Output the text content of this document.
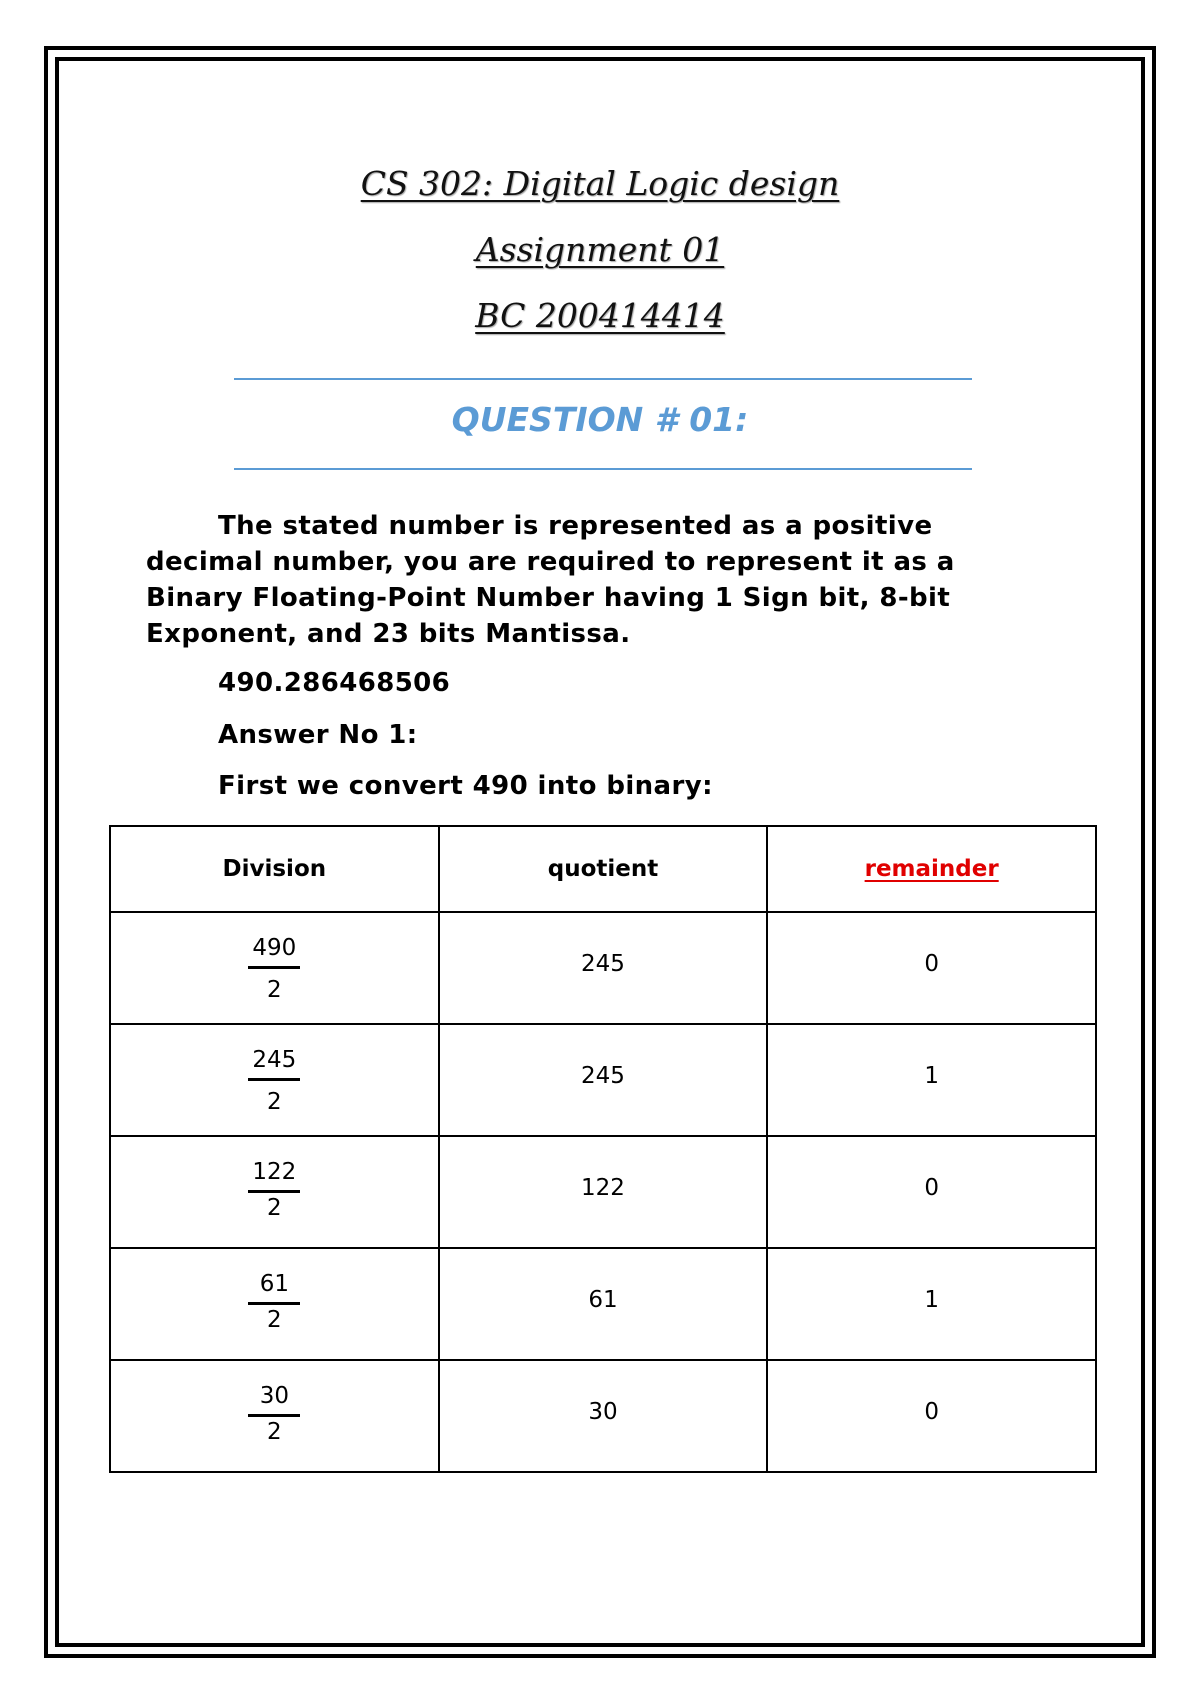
CS 302: Digital Logic design
Assignment 01
BC 200414414
QUESTION # 01:
The stated number is represented as a positive decimal number, you are required to represent it as a Binary Floating-Point Number having 1 Sign bit, 8-bit Exponent, and 23 bits Mantissa.
490.286468506
Answer No 1:
First we convert 490 into binary:
Division	quotient	remainder

$\frac{490}{2}$	245	0

$\frac{245}{2}$	245	1

$\frac{122}{2}$	122	0

$\frac{61}{2}$	61	1

$\frac{30}{2}$	30	0
